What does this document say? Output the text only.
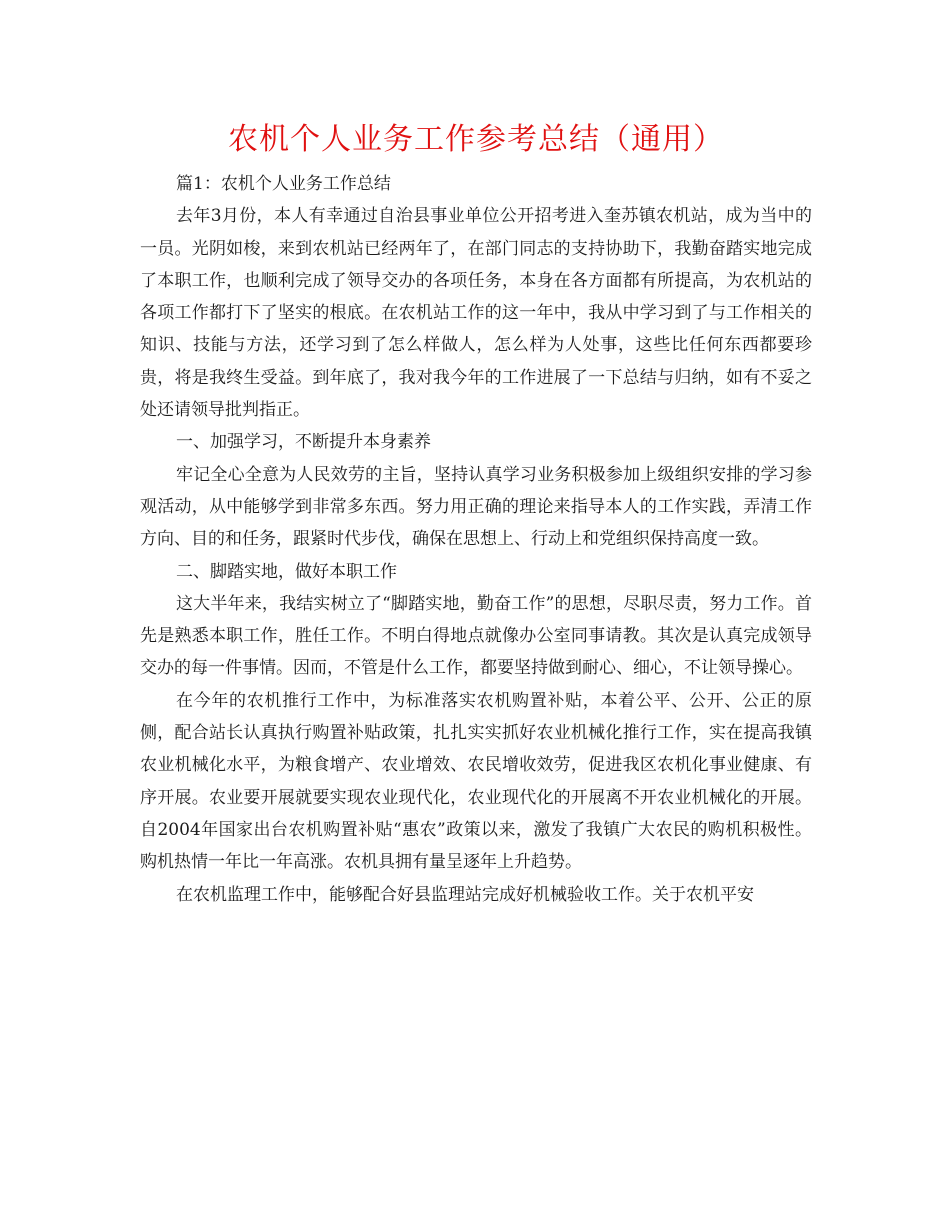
农机个人业务工作参考总结（通用）

篇1：农机个人业务工作总结

去年3月份，本人有幸通过自治县事业单位公开招考进入奎苏镇农机站，成为当中的一员。光阴如梭，来到农机站已经两年了，在部门同志的支持协助下，我勤奋踏实地完成了本职工作，也顺利完成了领导交办的各项任务，本身在各方面都有所提高，为农机站的各项工作都打下了坚实的根底。在农机站工作的这一年中，我从中学习到了与工作相关的知识、技能与方法，还学习到了怎么样做人，怎么样为人处事，这些比任何东西都要珍贵，将是我终生受益。到年底了，我对我今年的工作进展了一下总结与归纳，如有不妥之处还请领导批判指正。

一、加强学习，不断提升本身素养

牢记全心全意为人民效劳的主旨，坚持认真学习业务积极参加上级组织安排的学习参观活动，从中能够学到非常多东西。努力用正确的理论来指导本人的工作实践，弄清工作方向、目的和任务，跟紧时代步伐，确保在思想上、行动上和党组织保持高度一致。

二、脚踏实地，做好本职工作

这大半年来，我结实树立了“脚踏实地，勤奋工作”的思想，尽职尽责，努力工作。首先是熟悉本职工作，胜任工作。不明白得地点就像办公室同事请教。其次是认真完成领导交办的每一件事情。因而，不管是什么工作，都要坚持做到耐心、细心，不让领导操心。

在今年的农机推行工作中，为标准落实农机购置补贴，本着公平、公开、公正的原侧，配合站长认真执行购置补贴政策，扎扎实实抓好农业机械化推行工作，实在提高我镇农业机械化水平，为粮食增产、农业增效、农民增收效劳，促进我区农机化事业健康、有序开展。农业要开展就要实现农业现代化，农业现代化的开展离不开农业机械化的开展。自2004年国家出台农机购置补贴“惠农”政策以来，激发了我镇广大农民的购机积极性。购机热情一年比一年高涨。农机具拥有量呈逐年上升趋势。

在农机监理工作中，能够配合好县监理站完成好机械验收工作。关于农机平安
